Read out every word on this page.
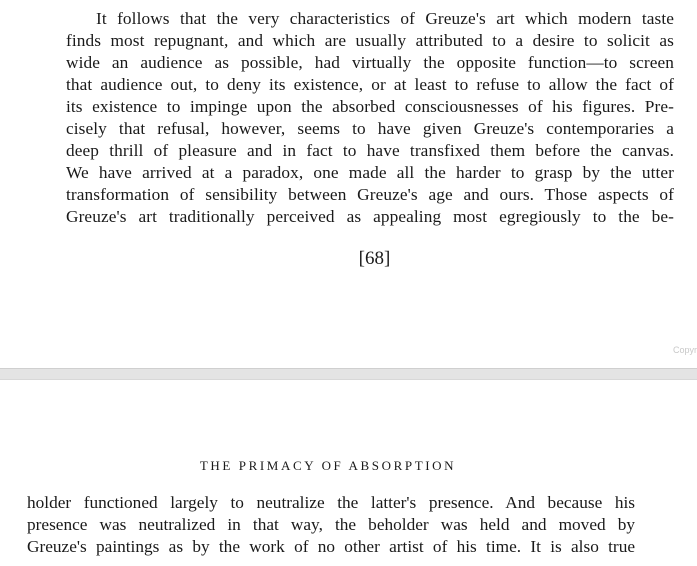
It follows that the very characteristics of Greuze's art which modern taste
finds most repugnant, and which are usually attributed to a desire to solicit as
wide an audience as possible, had virtually the opposite function—to screen
that audience out, to deny its existence, or at least to refuse to allow the fact of
its existence to impinge upon the absorbed consciousnesses of his figures. Pre-
cisely that refusal, however, seems to have given Greuze's contemporaries a
deep thrill of pleasure and in fact to have transfixed them before the canvas.
We have arrived at a paradox, one made all the harder to grasp by the utter
transformation of sensibility between Greuze's age and ours. Those aspects of
Greuze's art traditionally perceived as appealing most egregiously to the be-
[68]
Copyr
THE PRIMACY OF ABSORPTION
holder functioned largely to neutralize the latter's presence. And because his
presence was neutralized in that way, the beholder was held and moved by
Greuze's paintings as by the work of no other artist of his time. It is also true
